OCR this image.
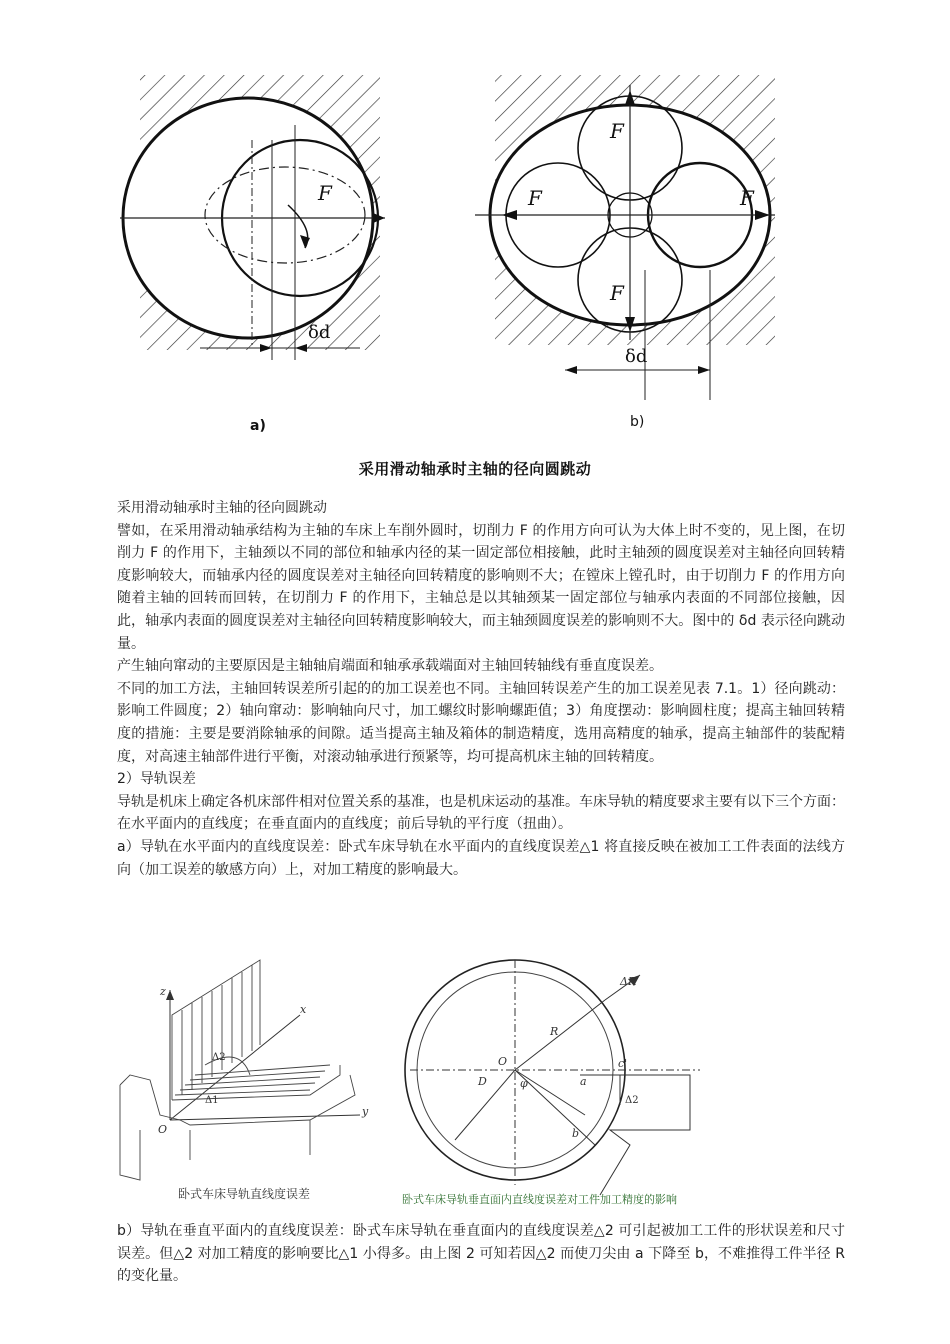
F
δd
a)
F
F	F
F
δd
b)
采用滑动轴承时主轴的径向圆跳动

采用滑动轴承时主轴的径向圆跳动

譬如，在采用滑动轴承结构为主轴的车床上车削外圆时，切削力 F 的作用方向可认为大体上时不变的，见上图，在切削力 F 的作用下，主轴颈以不同的部位和轴承内径的某一固定部位相接触，此时主轴颈的圆度误差对主轴径向回转精度影响较大，而轴承内径的圆度误差对主轴径向回转精度的影响则不大；在镗床上镗孔时，由于切削力 F 的作用方向随着主轴的回转而回转，在切削力 F 的作用下，主轴总是以其轴颈某一固定部位与轴承内表面的不同部位接触，因此，轴承内表面的圆度误差对主轴径向回转精度影响较大，而主轴颈圆度误差的影响则不大。图中的 δd 表示径向跳动量。

产生轴向窜动的主要原因是主轴轴肩端面和轴承承载端面对主轴回转轴线有垂直度误差。

不同的加工方法，主轴回转误差所引起的的加工误差也不同。主轴回转误差产生的加工误差见表 7.1。1）径向跳动：影响工件圆度；2）轴向窜动：影响轴向尺寸，加工螺纹时影响螺距值；3）角度摆动：影响圆柱度；提高主轴回转精度的措施：主要是要消除轴承的间隙。适当提高主轴及箱体的制造精度，选用高精度的轴承，提高主轴部件的装配精度，对高速主轴部件进行平衡，对滚动轴承进行预紧等，均可提高机床主轴的回转精度。

2）导轨误差

导轨是机床上确定各机床部件相对位置关系的基准，也是机床运动的基准。车床导轨的精度要求主要有以下三个方面：在水平面内的直线度；在垂直面内的直线度；前后导轨的平行度（扭曲）。

a）导轨在水平面内的直线度误差：卧式车床导轨在水平面内的直线度误差△1 将直接反映在被加工工件表面的法线方向（加工误差的敏感方向）上，对加工精度的影响最大。

z
y
x
O
Δ1
Δ2
ΔR
R
D
O
φ	a
b
c'
Δ2
卧式车床导轨直线度误差	卧式车床导轨垂直面内直线度误差对工件加工精度的影响

b）导轨在垂直平面内的直线度误差：卧式车床导轨在垂直面内的直线度误差△2 可引起被加工工件的形状误差和尺寸误差。但△2 对加工精度的影响要比△1 小得多。由上图 2 可知若因△2 而使刀尖由 a 下降至 b，不难推得工件半径 R 的变化量。
